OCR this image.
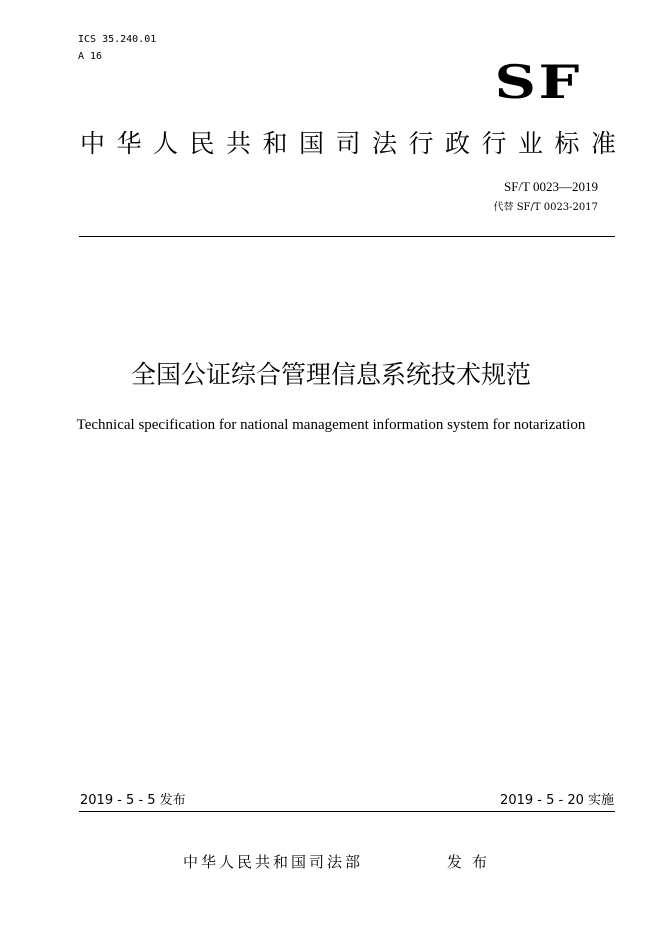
ICS 35.240.01
A 16	SF
中华人民共和国司法行政行业标准
SF/T 0023—2019
代替 SF/T 0023-2017
全国公证综合管理信息系统技术规范
Technical specification for national management information system for notarization
2019 - 5 - 5 发布	2019 - 5 - 20 实施
中华人民共和国司法部	发布
